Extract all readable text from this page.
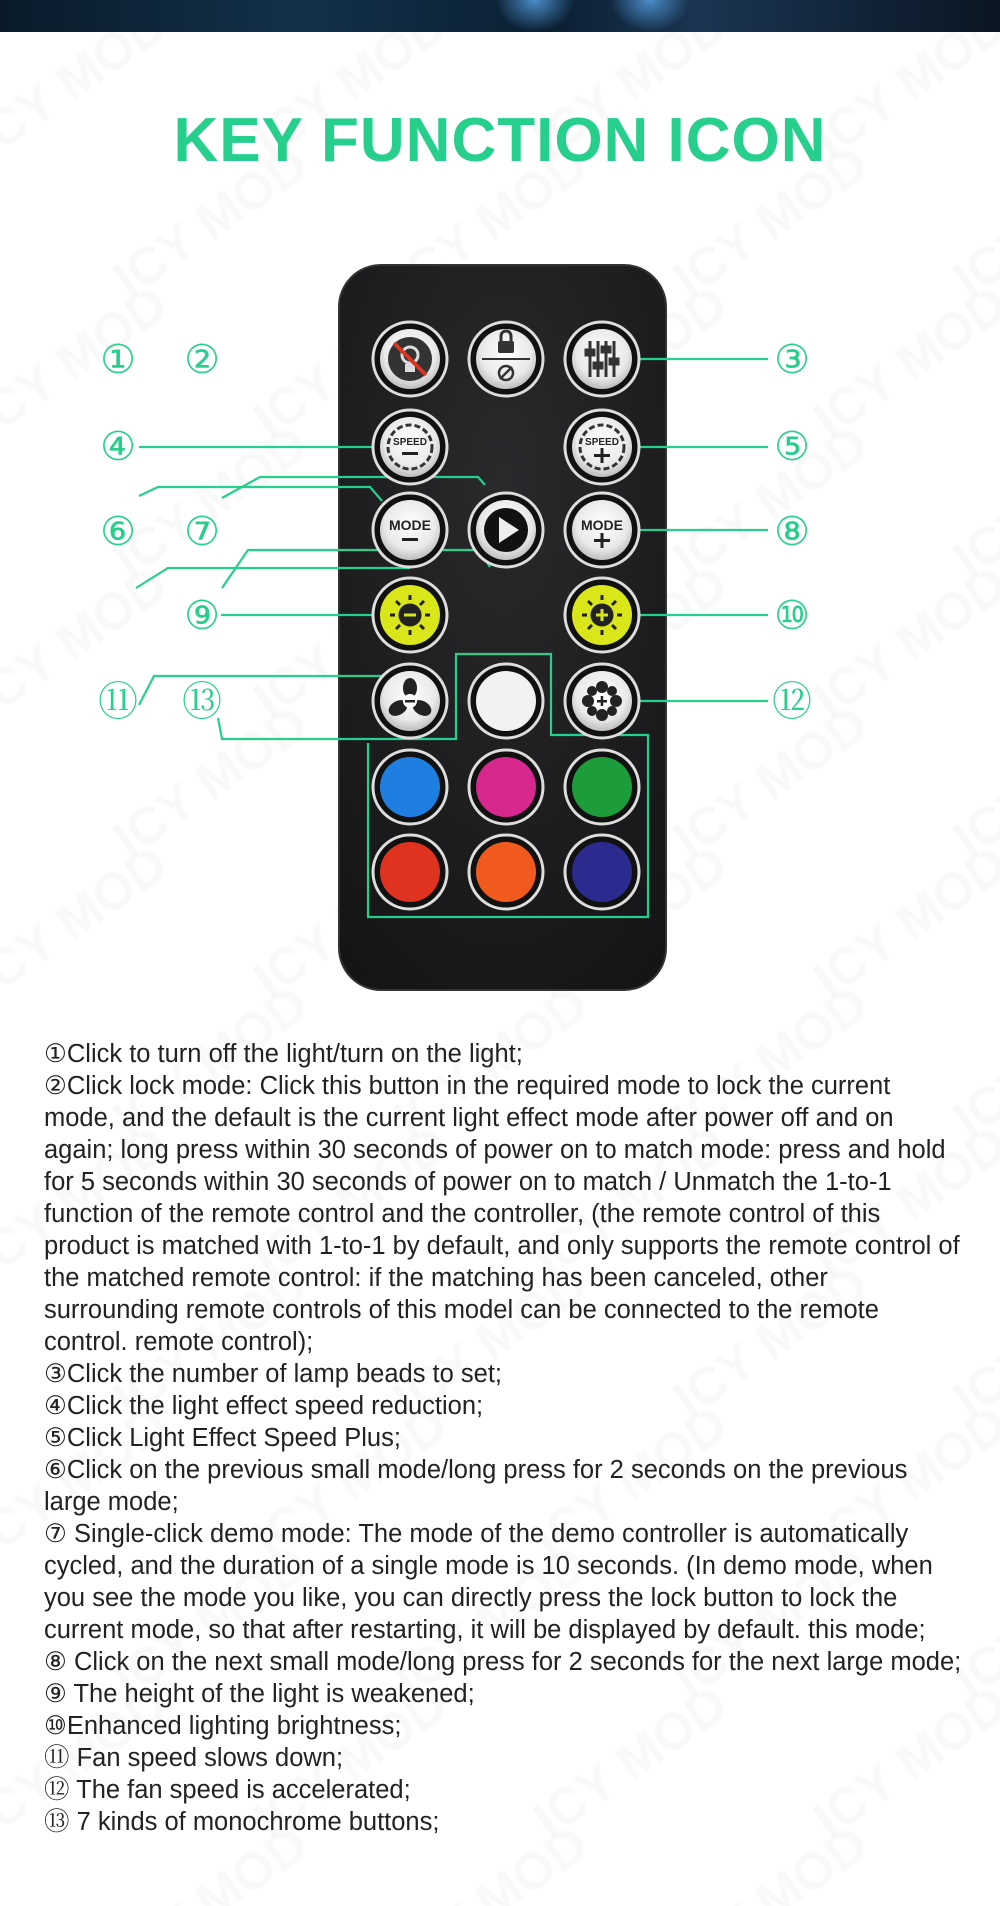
KEY FUNCTION ICON
① ②	③
④	⑤
⑥ ⑦	⑧
⑨	⑩
⑪	⑫
⑬
SPEED	SPEED
MODE	MODE

①Click to turn off the light/turn on the light;

②Click lock mode: Click this button in the required mode to lock the current mode, and the default is the current light effect mode after power off and on again; long press within 30 seconds of power on to match mode: press and hold for 5 seconds within 30 seconds of power on to match / Unmatch the 1-to-1 function of the remote control and the controller, (the remote control of this product is matched with 1-to-1 by default, and only supports the remote control of the matched remote control: if the matching has been canceled, other surrounding remote controls of this model can be connected to the remote control. remote control);

③Click the number of lamp beads to set;

④Click the light effect speed reduction;

⑤Click Light Effect Speed Plus;

⑥Click on the previous small mode/long press for 2 seconds on the previous large mode;

⑦ Single-click demo mode: The mode of the demo controller is automatically cycled, and the duration of a single mode is 10 seconds. (In demo mode, when you see the mode you like, you can directly press the lock button to lock the current mode, so that after restarting, it will be displayed by default. this mode;

⑧ Click on the next small mode/long press for 2 seconds for the next large mode;

⑨ The height of the light is weakened;

⑩Enhanced lighting brightness;

⑪ Fan speed slows down;

⑫ The fan speed is accelerated;

⑬ 7 kinds of monochrome buttons;
